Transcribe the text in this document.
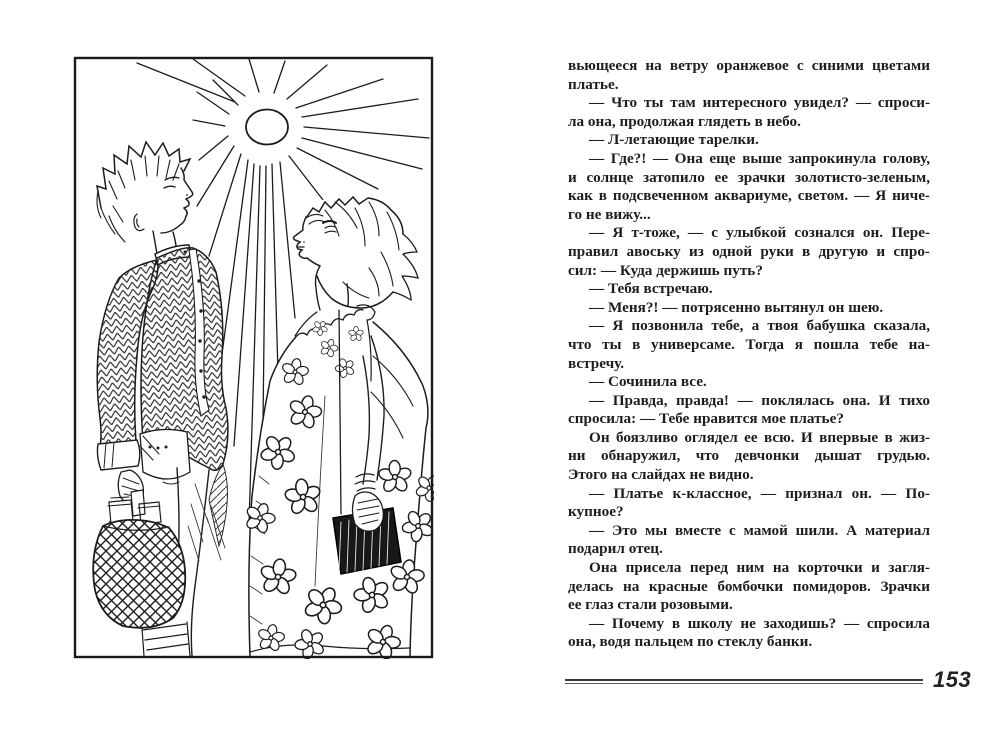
вьющееся на ветру оранжевое с синими цветами
платье.
— Что ты там интересного увидел? — спроси-
ла она, продолжая глядеть в небо.
— Л-летающие тарелки.
— Где?! — Она еще выше запрокинула голову,
и солнце затопило ее зрачки золотисто-зеленым,
как в подсвеченном аквариуме, светом. — Я ниче-
го не вижу...
— Я т-тоже, — с улыбкой сознался он. Пере-
правил авоську из одной руки в другую и спро-
сил: — Куда держишь путь?
— Тебя встречаю.
— Меня?! — потрясенно вытянул он шею.
— Я позвонила тебе, а твоя бабушка сказала,
что ты в универсаме. Тогда я пошла тебе на-
встречу.
— Сочинила все.
— Правда, правда! — поклялась она. И тихо
спросила: — Тебе нравится мое платье?
Он боязливо оглядел ее всю. И впервые в жиз-
ни обнаружил, что девчонки дышат грудью.
Этого на слайдах не видно.
— Платье к-классное, — признал он. — По-
купное?
— Это мы вместе с мамой шили. А материал
подарил отец.
Она присела перед ним на корточки и загля-
делась на красные бомбочки помидоров. Зрачки
ее глаз стали розовыми.
— Почему в школу не заходишь? — спросила
она, водя пальцем по стеклу банки.
153
